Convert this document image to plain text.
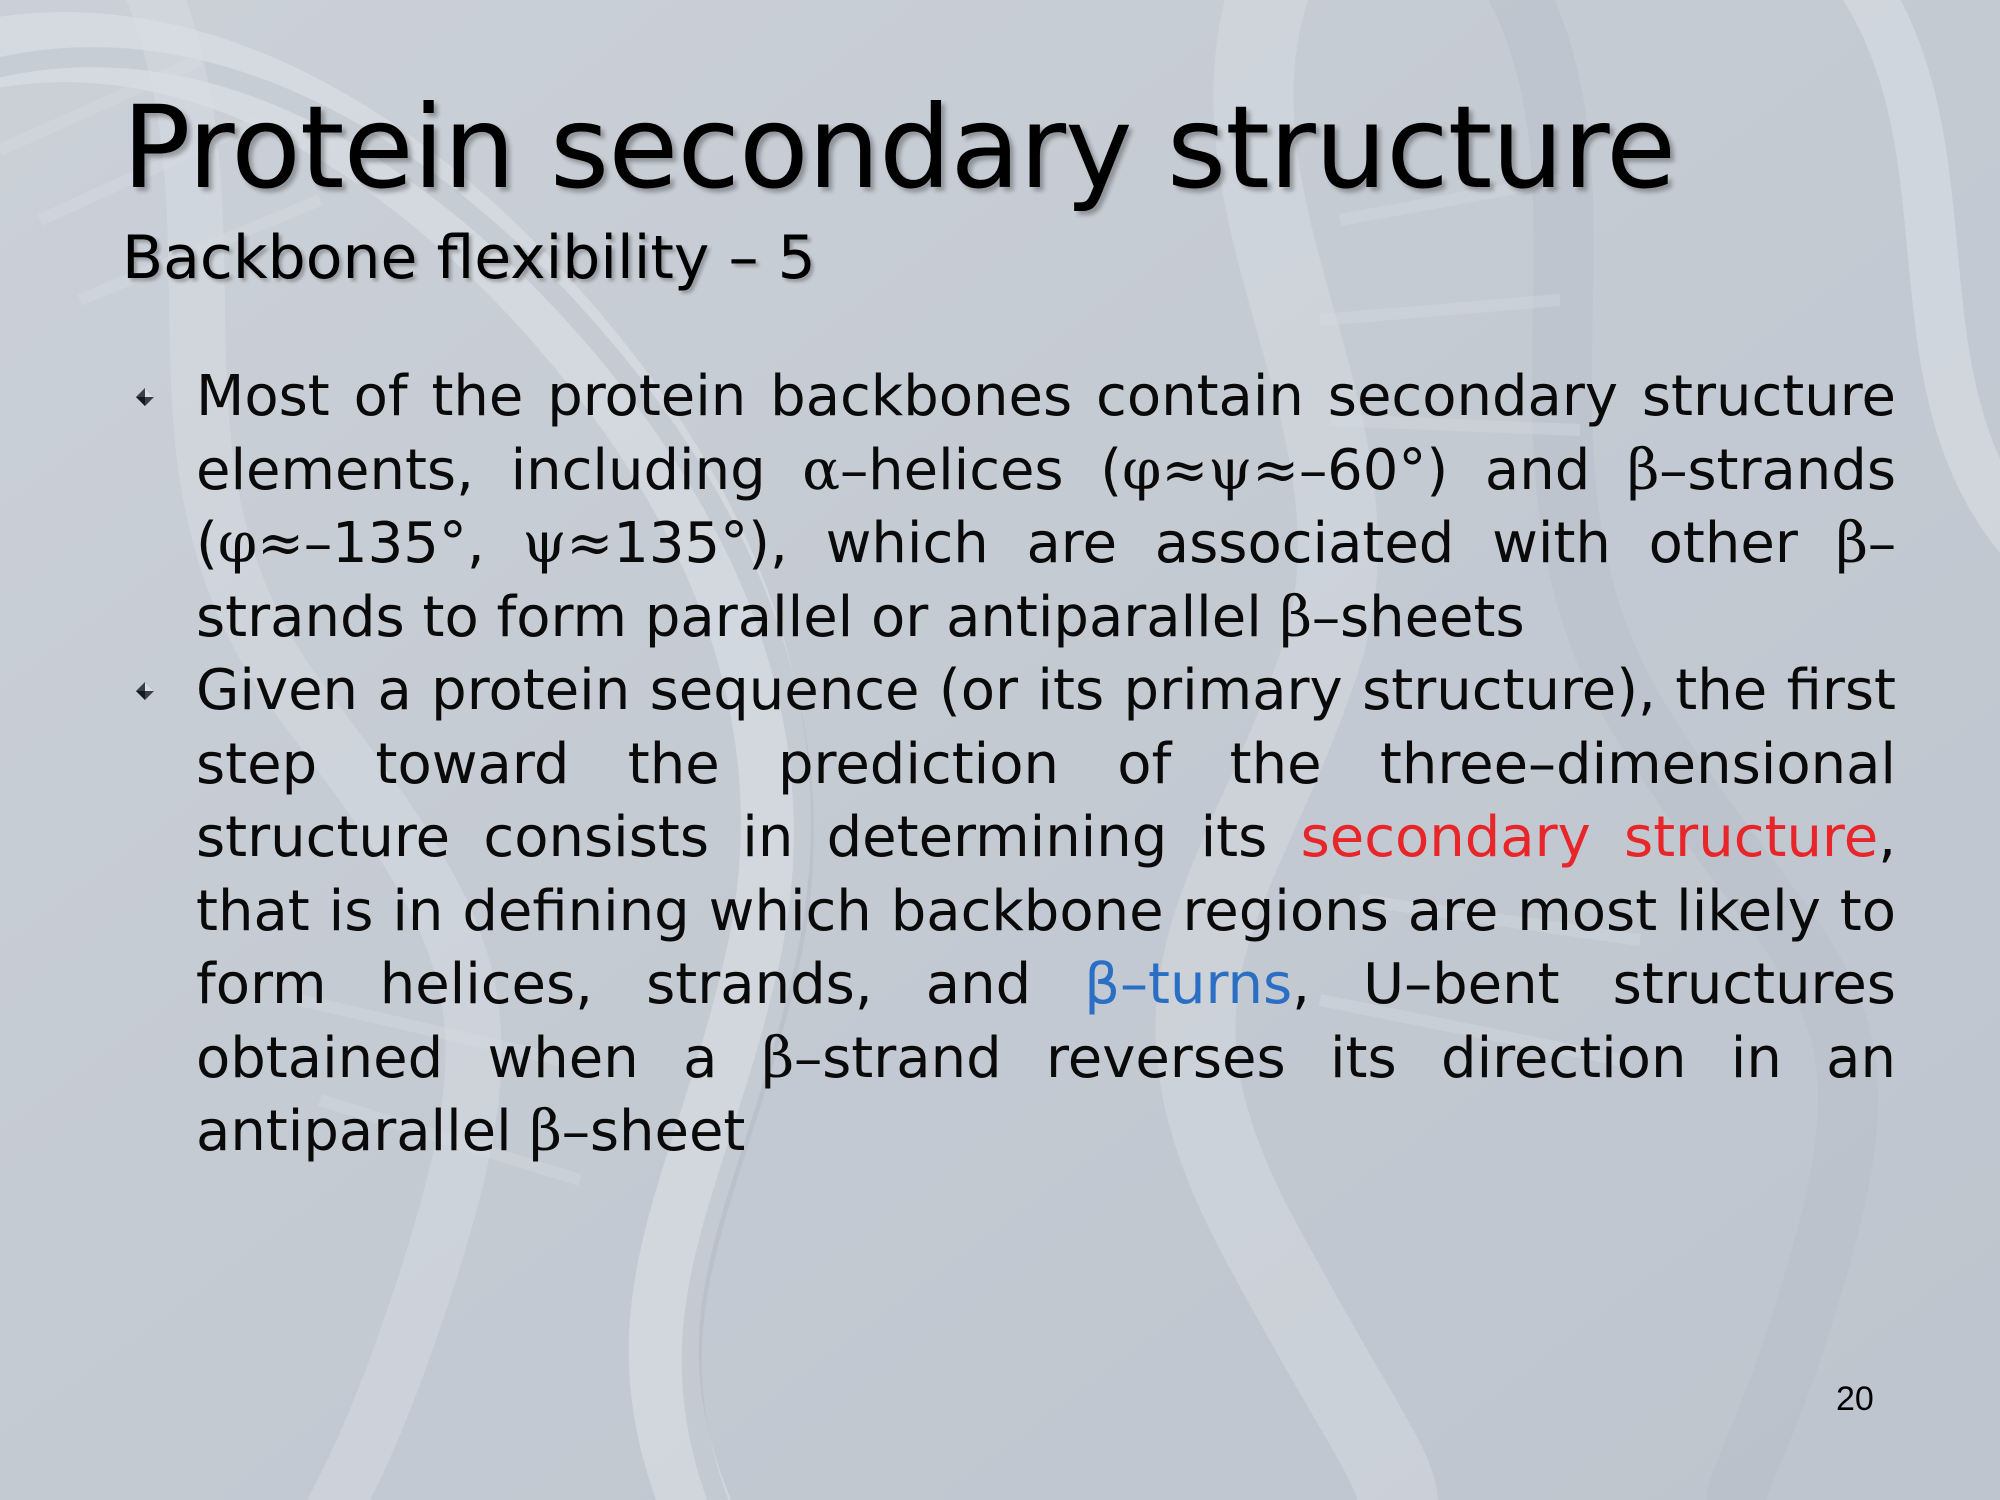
Protein secondary structure
Backbone flexibility – 5
Most of the protein backbones contain secondary structure elements, including α–helices (φ≈ψ≈–60°) and β–strands (φ≈–135°, ψ≈135°), which are associated with other β–strands to form parallel or antiparallel β–sheets
Given a protein sequence (or its primary structure), the first step toward the prediction of the three–dimensional structure consists in determining its secondary structure, that is in defining which backbone regions are most likely to form helices, strands, and β–turns, U–bent structures obtained when a β–strand reverses its direction in an antiparallel β–sheet
20
